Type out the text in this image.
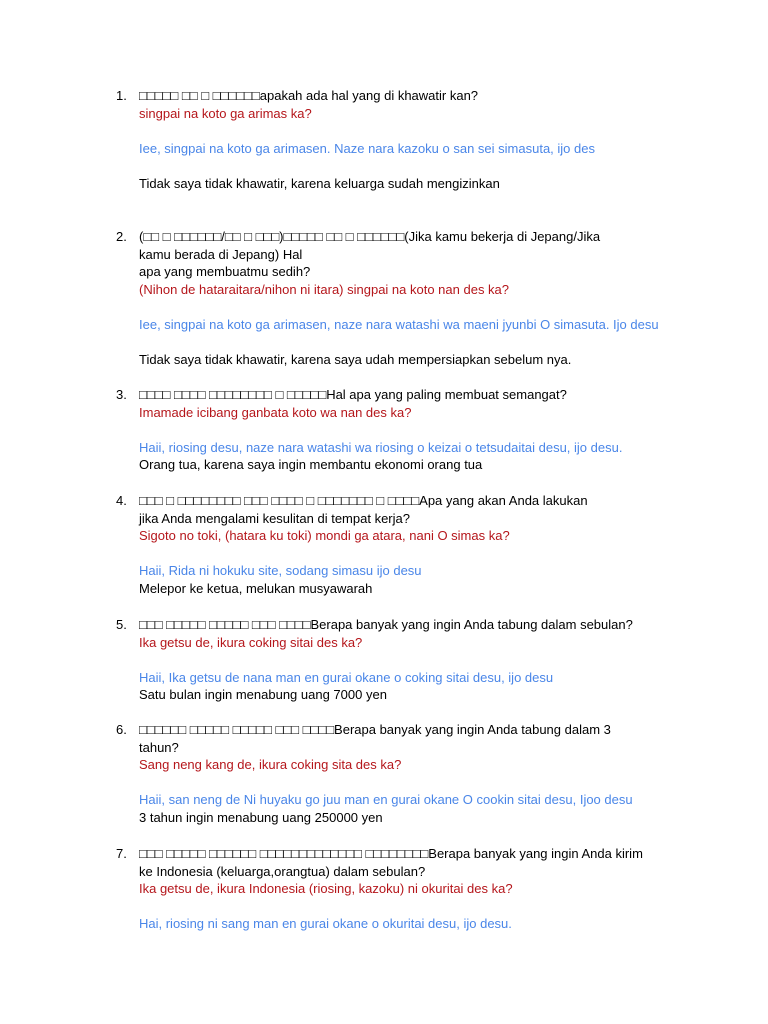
1. □□□□□ □□ □ □□□□□□apakah ada hal yang di khawatir kan?
singpai na koto ga arimas ka?
Iee, singpai na koto ga arimasen. Naze nara kazoku o san sei simasuta, ijo des
Tidak saya tidak khawatir, karena keluarga sudah mengizinkan
2. (□□ □ □□□□□□/□□ □ □□□)□□□□□ □□ □ □□□□□□(Jika kamu bekerja di Jepang/Jika
kamu berada di Jepang) Hal
apa yang membuatmu sedih?
(Nihon de hataraitara/nihon ni itara) singpai na koto nan des ka?
Iee, singpai na koto ga arimasen, naze nara watashi wa maeni jyunbi O simasuta. Ijo desu
Tidak saya tidak khawatir, karena saya udah mempersiapkan sebelum nya.
3. □□□□ □□□□ □□□□□□□□ □ □□□□□Hal apa yang paling membuat semangat?
Imamade icibang ganbata koto wa nan des ka?
Haii, riosing desu, naze nara watashi wa riosing o keizai o tetsudaitai desu, ijo desu.
Orang tua, karena saya ingin membantu ekonomi orang tua
4. □□□ □ □□□□□□□□ □□□ □□□□ □ □□□□□□□ □ □□□□Apa yang akan Anda lakukan
jika Anda mengalami kesulitan di tempat kerja?
Sigoto no toki, (hatara ku toki) mondi ga atara, nani O simas ka?
Haii, Rida ni hokuku site, sodang simasu ijo desu
Melepor ke ketua, melukan musyawarah
5. □□□ □□□□□ □□□□□ □□□ □□□□Berapa banyak yang ingin Anda tabung dalam sebulan?
Ika getsu de, ikura coking sitai des ka?
Haii, Ika getsu de nana man en gurai okane o coking sitai desu, ijo desu
Satu bulan ingin menabung uang 7000 yen
6. □□□□□□ □□□□□ □□□□□ □□□ □□□□Berapa banyak yang ingin Anda tabung dalam 3
tahun?
Sang neng kang de, ikura coking sita des ka?
Haii, san neng de Ni huyaku go juu man en gurai okane O cookin sitai desu, Ijoo desu
3 tahun ingin menabung uang 250000 yen
7. □□□ □□□□□ □□□□□□ □□□□□□□□□□□□□ □□□□□□□□Berapa banyak yang ingin Anda kirim
ke Indonesia (keluarga,orangtua) dalam sebulan?
Ika getsu de, ikura Indonesia (riosing, kazoku) ni okuritai des ka?
Hai, riosing ni sang man en gurai okane o okuritai desu, ijo desu.
